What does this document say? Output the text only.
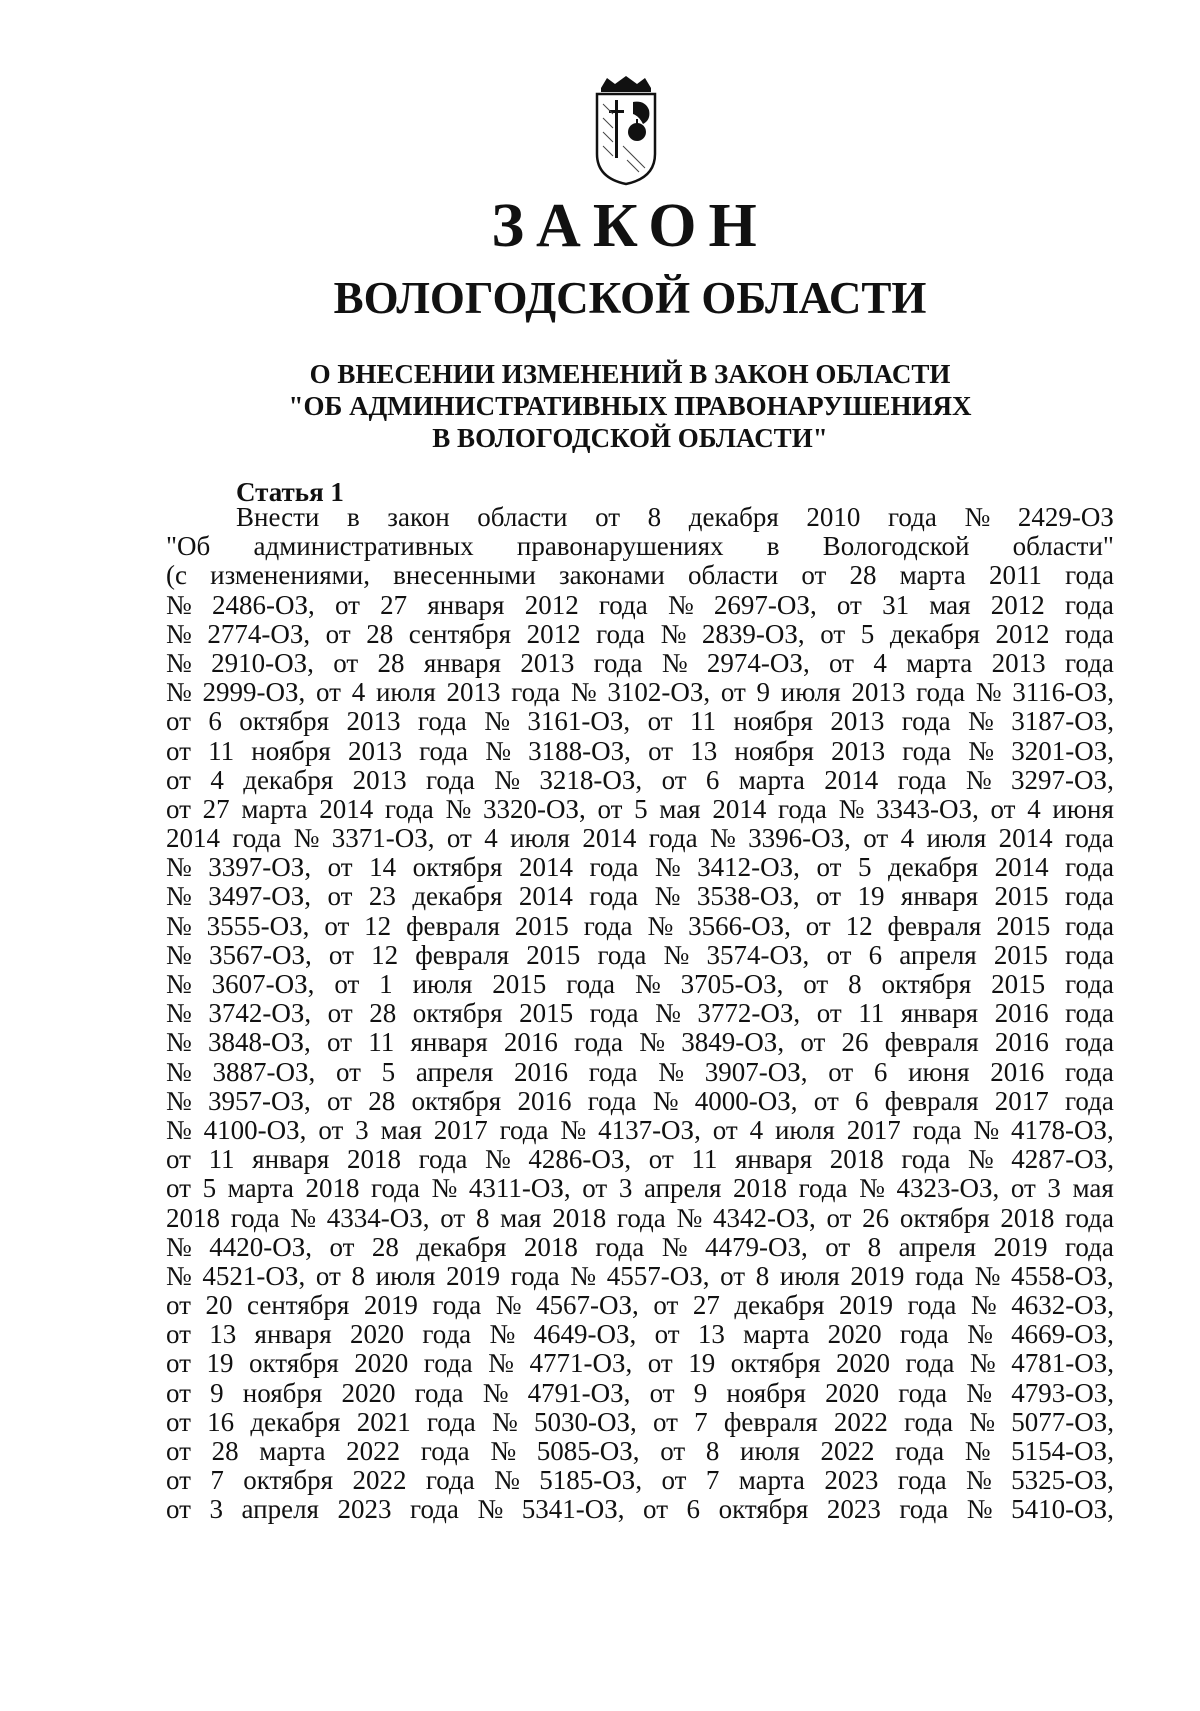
ЗАКОН
ВОЛОГОДСКОЙ ОБЛАСТИ
О ВНЕСЕНИИ ИЗМЕНЕНИЙ В ЗАКОН ОБЛАСТИ
"ОБ АДМИНИСТРАТИВНЫХ ПРАВОНАРУШЕНИЯХ
В ВОЛОГОДСКОЙ ОБЛАСТИ"
Статья 1
Внести в закон области от 8 декабря 2010 года № 2429-ОЗ
"Об административных правонарушениях в Вологодской области"
(с изменениями, внесенными законами области от 28 марта 2011 года
№ 2486-ОЗ, от 27 января 2012 года № 2697-ОЗ, от 31 мая 2012 года
№ 2774-ОЗ, от 28 сентября 2012 года № 2839-ОЗ, от 5 декабря 2012 года
№ 2910-ОЗ, от 28 января 2013 года № 2974-ОЗ, от 4 марта 2013 года
№ 2999-ОЗ, от 4 июля 2013 года № 3102-ОЗ, от 9 июля 2013 года № 3116-ОЗ,
от 6 октября 2013 года № 3161-ОЗ, от 11 ноября 2013 года № 3187-ОЗ,
от 11 ноября 2013 года № 3188-ОЗ, от 13 ноября 2013 года № 3201-ОЗ,
от 4 декабря 2013 года № 3218-ОЗ, от 6 марта 2014 года № 3297-ОЗ,
от 27 марта 2014 года № 3320-ОЗ, от 5 мая 2014 года № 3343-ОЗ, от 4 июня
2014 года № 3371-ОЗ, от 4 июля 2014 года № 3396-ОЗ, от 4 июля 2014 года
№ 3397-ОЗ, от 14 октября 2014 года № 3412-ОЗ, от 5 декабря 2014 года
№ 3497-ОЗ, от 23 декабря 2014 года № 3538-ОЗ, от 19 января 2015 года
№ 3555-ОЗ, от 12 февраля 2015 года № 3566-ОЗ, от 12 февраля 2015 года
№ 3567-ОЗ, от 12 февраля 2015 года № 3574-ОЗ, от 6 апреля 2015 года
№ 3607-ОЗ, от 1 июля 2015 года № 3705-ОЗ, от 8 октября 2015 года
№ 3742-ОЗ, от 28 октября 2015 года № 3772-ОЗ, от 11 января 2016 года
№ 3848-ОЗ, от 11 января 2016 года № 3849-ОЗ, от 26 февраля 2016 года
№ 3887-ОЗ, от 5 апреля 2016 года № 3907-ОЗ, от 6 июня 2016 года
№ 3957-ОЗ, от 28 октября 2016 года № 4000-ОЗ, от 6 февраля 2017 года
№ 4100-ОЗ, от 3 мая 2017 года № 4137-ОЗ, от 4 июля 2017 года № 4178-ОЗ,
от 11 января 2018 года № 4286-ОЗ, от 11 января 2018 года № 4287-ОЗ,
от 5 марта 2018 года № 4311-ОЗ, от 3 апреля 2018 года № 4323-ОЗ, от 3 мая
2018 года № 4334-ОЗ, от 8 мая 2018 года № 4342-ОЗ, от 26 октября 2018 года
№ 4420-ОЗ, от 28 декабря 2018 года № 4479-ОЗ, от 8 апреля 2019 года
№ 4521-ОЗ, от 8 июля 2019 года № 4557-ОЗ, от 8 июля 2019 года № 4558-ОЗ,
от 20 сентября 2019 года № 4567-ОЗ, от 27 декабря 2019 года № 4632-ОЗ,
от 13 января 2020 года № 4649-ОЗ, от 13 марта 2020 года № 4669-ОЗ,
от 19 октября 2020 года № 4771-ОЗ, от 19 октября 2020 года № 4781-ОЗ,
от 9 ноября 2020 года № 4791-ОЗ, от 9 ноября 2020 года № 4793-ОЗ,
от 16 декабря 2021 года № 5030-ОЗ, от 7 февраля 2022 года № 5077-ОЗ,
от 28 марта 2022 года № 5085-ОЗ, от 8 июля 2022 года № 5154-ОЗ,
от 7 октября 2022 года № 5185-ОЗ, от 7 марта 2023 года № 5325-ОЗ,
от 3 апреля 2023 года № 5341-ОЗ, от 6 октября 2023 года № 5410-ОЗ,
